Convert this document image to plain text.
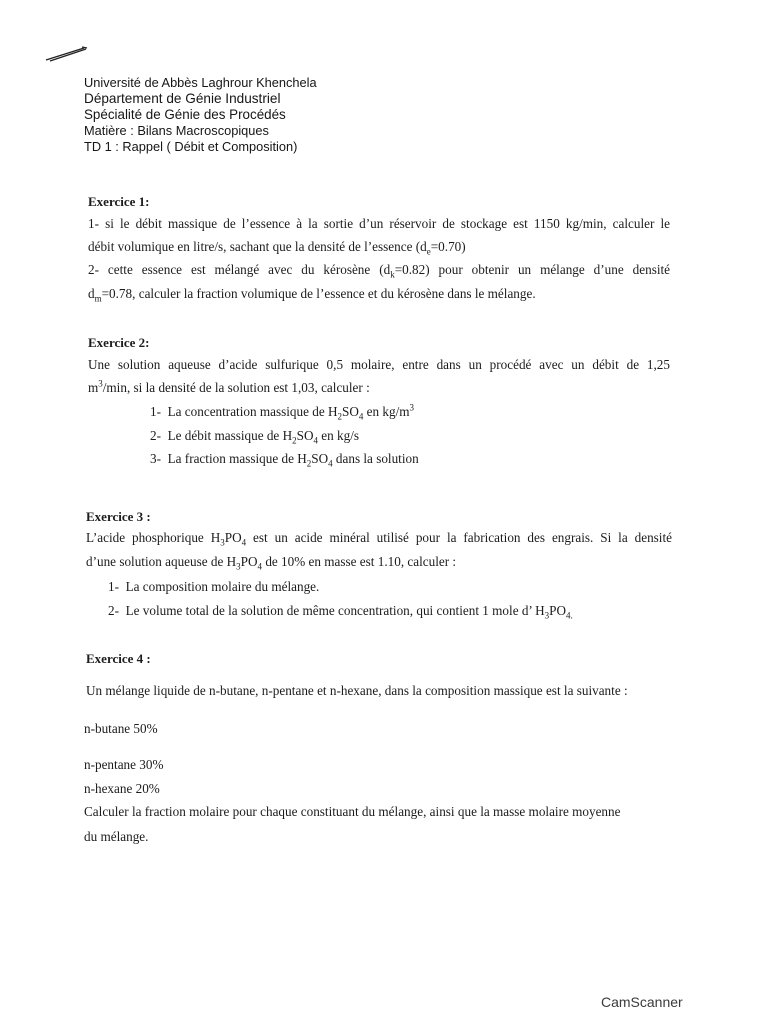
Université de Abbès Laghrour Khenchela
Département de Génie Industriel
Spécialité de Génie des Procédés
Matière : Bilans Macroscopiques
TD 1 : Rappel ( Débit et Composition)
Exercice 1:
1- si le débit massique de l’essence à la sortie d’un réservoir de stockage est 1150 kg/min, calculer le
débit volumique en litre/s, sachant que la densité de l’essence $(d_e=0.70)$
2- cette essence est mélangé avec du kérosène $(d_k=0.82)$ pour obtenir un mélange d’une densité
$d_m=0.78$, calculer la fraction volumique de l’essence et du kérosène dans le mélange.
Exercice 2:
Une solution aqueuse d’acide sulfurique 0,5 molaire, entre dans un procédé avec un débit de 1,25
$m^3/\min$, si la densité de la solution est 1,03, calculer :
1- La concentration massique de $H_2SO_4$ en $kg/m^3$
2- Le débit massique de $H_2SO_4$ en kg/s
3- La fraction massique de $H_2SO_4$ dans la solution
Exercice 3 :
L’acide phosphorique $H_3PO_4$ est un acide minéral utilisé pour la fabrication des engrais. Si la densité
d’une solution aqueuse de $H_3PO_4$ de 10% en masse est 1.10, calculer :
1- La composition molaire du mélange.
2- Le volume total de la solution de même concentration, qui contient 1 mole d’ $H_3PO_{4.}$
Exercice 4 :
Un mélange liquide de n-butane, n-pentane et n-hexane, dans la composition massique est la suivante :
n-butane 50%
n-pentane 30%
n-hexane 20%
Calculer la fraction molaire pour chaque constituant du mélange, ainsi que la masse molaire moyenne
du mélange.
CamScanner
